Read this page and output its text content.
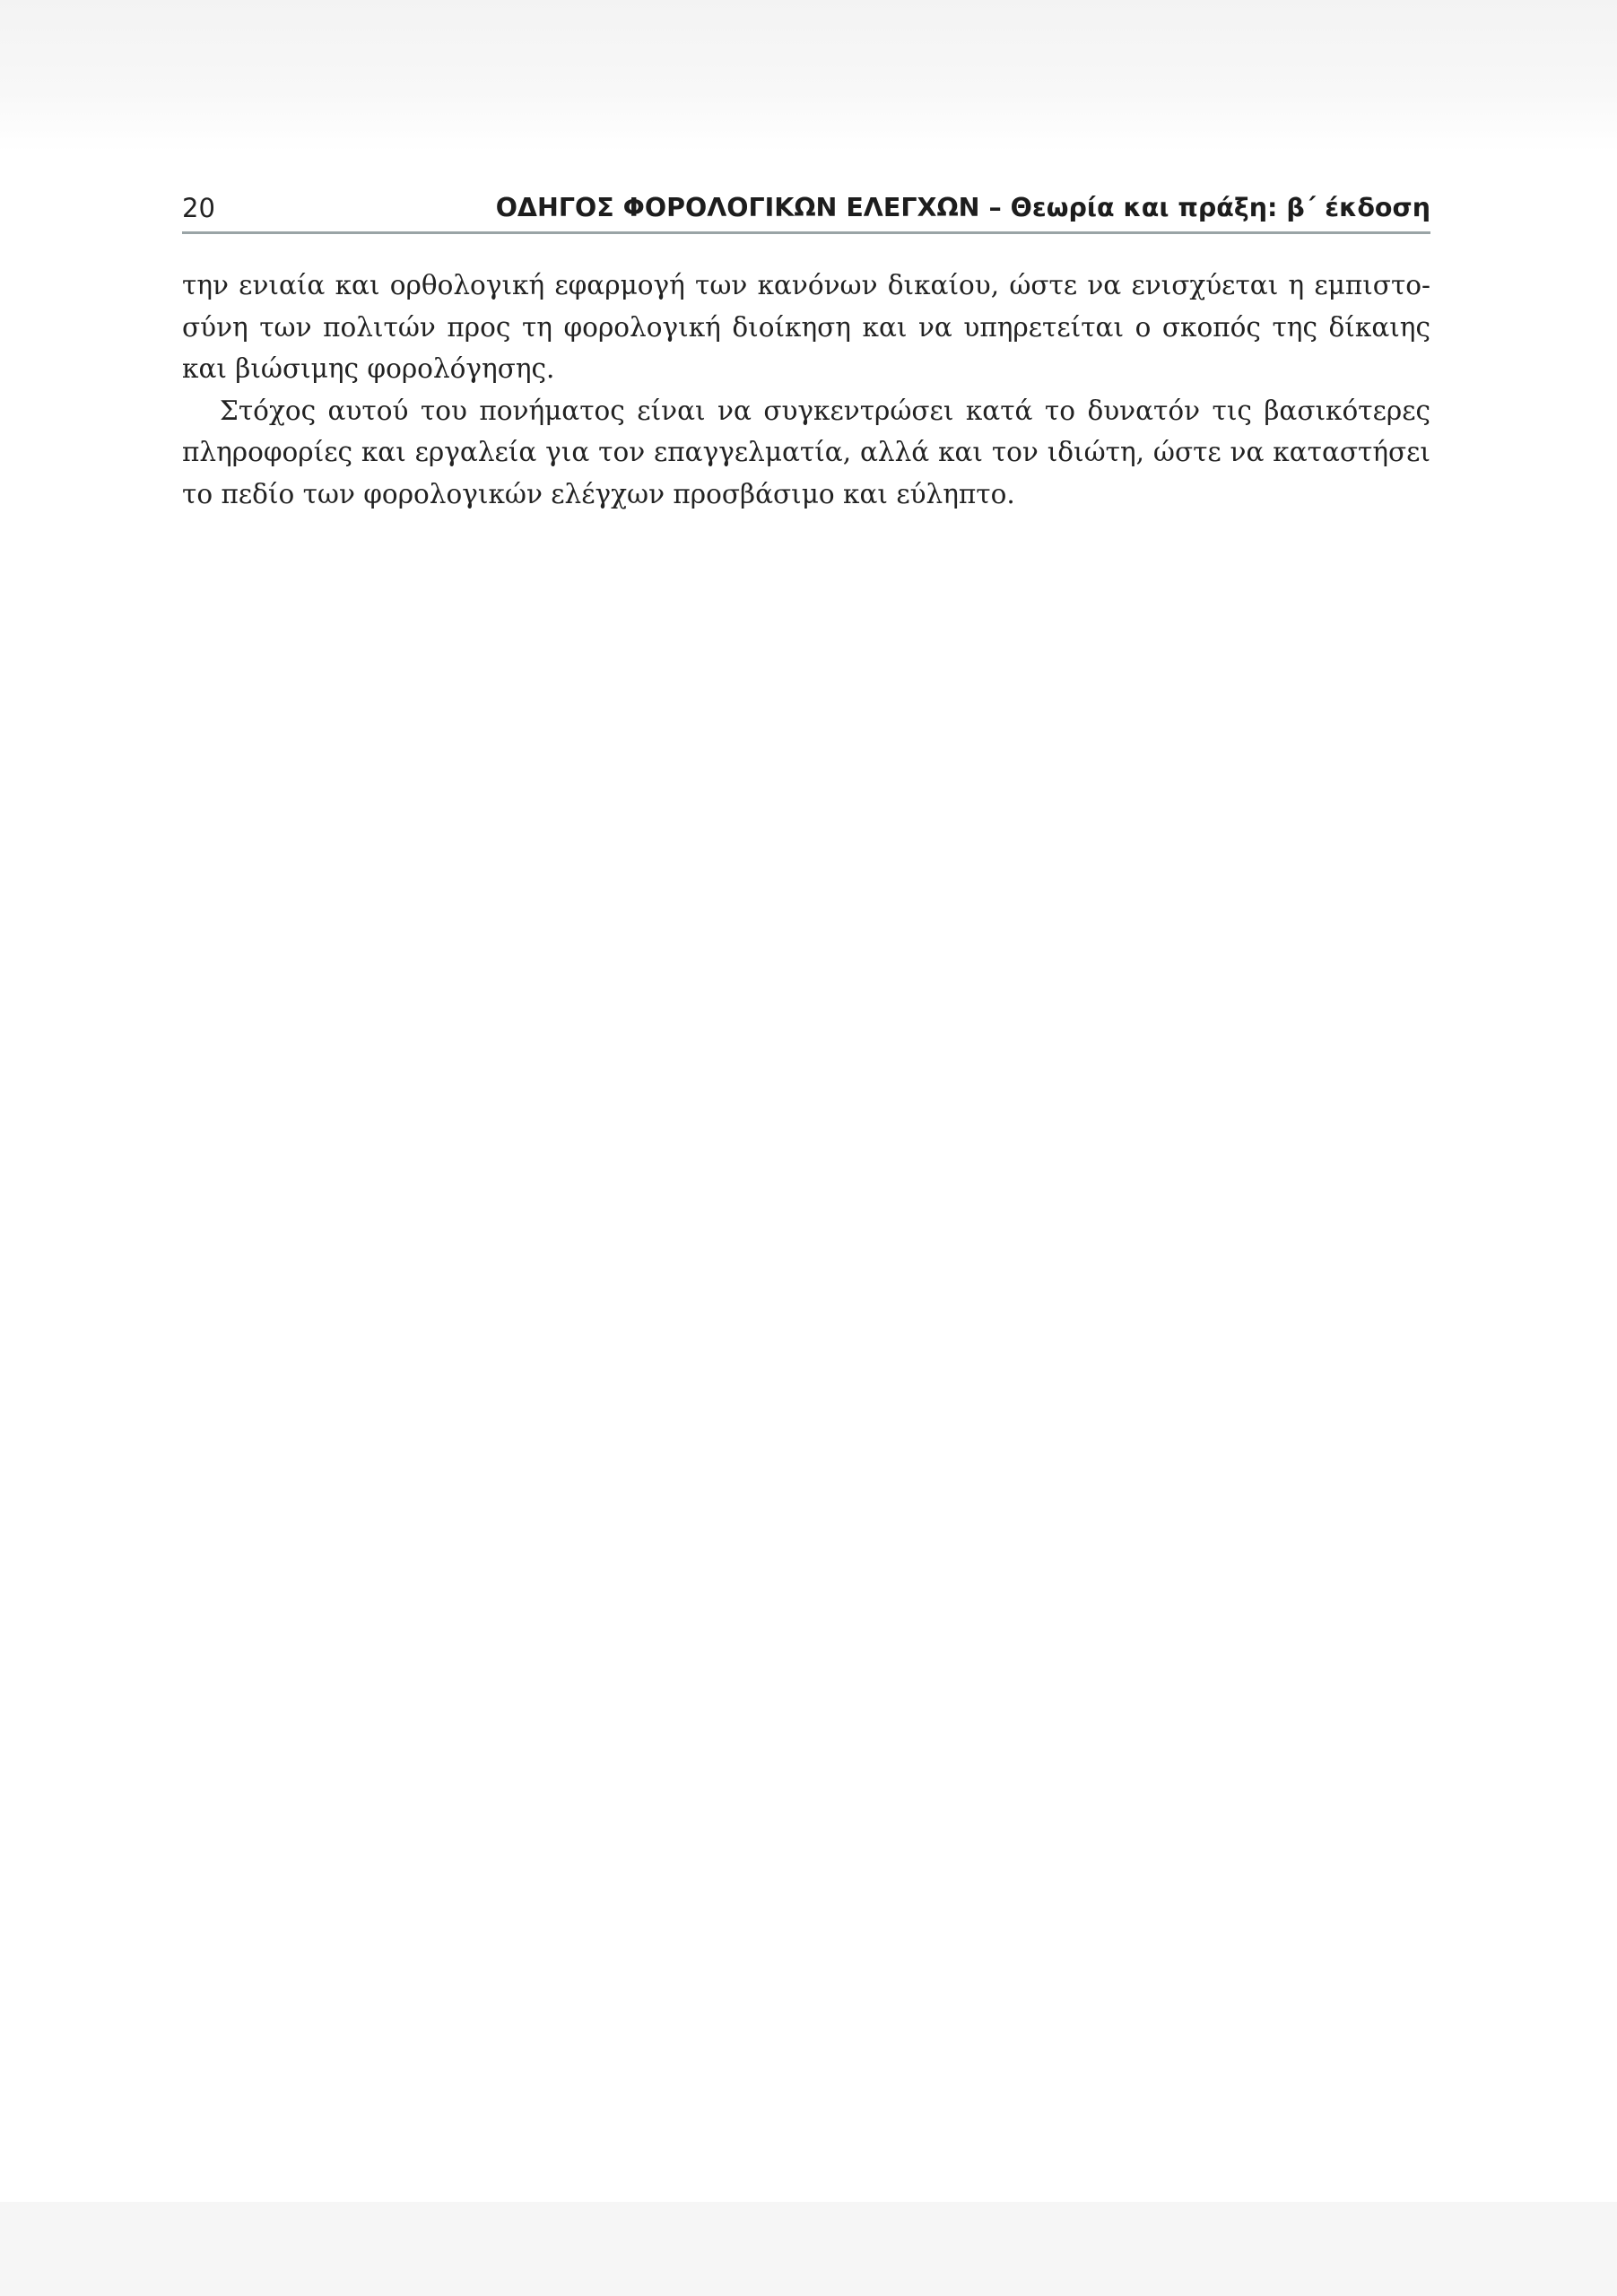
20	ΟΔΗΓΟΣ ΦΟΡΟΛΟΓΙΚΩΝ ΕΛΕΓΧΩΝ – Θεωρία και πράξη: β΄ έκδοση

την ενιαία και ορθολογική εφαρμογή των κανόνων δικαίου, ώστε να ενισχύεται η εμπιστο-
σύνη των πολιτών προς τη φορολογική διοίκηση και να υπηρετείται ο σκοπός της δίκαιης
και βιώσιμης φορολόγησης.

Στόχος αυτού του πονήματος είναι να συγκεντρώσει κατά το δυνατόν τις βασικότερες
πληροφορίες και εργαλεία για τον επαγγελματία, αλλά και τον ιδιώτη, ώστε να καταστήσει
το πεδίο των φορολογικών ελέγχων προσβάσιμο και εύληπτο.
